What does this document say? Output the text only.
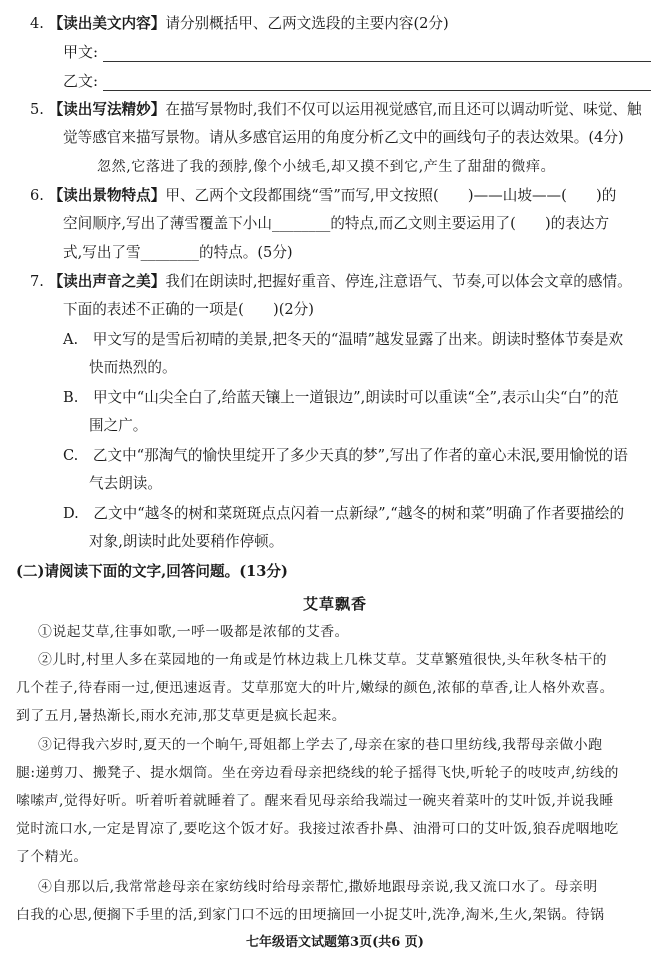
4. 【读出美文内容】请分别概括甲、乙两文选段的主要内容(2分)
甲文:
乙文:
5. 【读出写法精妙】在描写景物时,我们不仅可以运用视觉感官,而且还可以调动听觉、味觉、触
觉等感官来描写景物。请从多感官运用的角度分析乙文中的画线句子的表达效果。(4分)
忽然,它落进了我的颈脖,像个小绒毛,却又摸不到它,产生了甜甜的微痒。
6. 【读出景物特点】甲、乙两个文段都围绕“雪”而写,甲文按照(　　)——山坡——(　　)的
空间顺序,写出了薄雪覆盖下小山________的特点,而乙文则主要运用了(　　)的表达方
式,写出了雪________的特点。(5分)
7. 【读出声音之美】我们在朗读时,把握好重音、停连,注意语气、节奏,可以体会文章的感情。
下面的表述不正确的一项是(　　)(2分)
A.　甲文写的是雪后初晴的美景,把冬天的“温晴”越发显露了出来。朗读时整体节奏是欢
快而热烈的。
B.　甲文中“山尖全白了,给蓝天镶上一道银边”,朗读时可以重读“全”,表示山尖“白”的范
围之广。
C.　乙文中“那淘气的愉快里绽开了多少天真的梦”,写出了作者的童心未泯,要用愉悦的语
气去朗读。
D.　乙文中“越冬的树和菜斑斑点点闪着一点新绿”,“越冬的树和菜”明确了作者要描绘的
对象,朗读时此处要稍作停顿。
(二)请阅读下面的文字,回答问题。(13分)
艾草飘香
①说起艾草,往事如歌,一呼一吸都是浓郁的艾香。
②儿时,村里人多在菜园地的一角或是竹林边栽上几株艾草。艾草繁殖很快,头年秋冬枯干的
几个茬子,待春雨一过,便迅速返青。艾草那宽大的叶片,嫩绿的颜色,浓郁的草香,让人格外欢喜。
到了五月,暑热渐长,雨水充沛,那艾草更是疯长起来。
③记得我六岁时,夏天的一个晌午,哥姐都上学去了,母亲在家的巷口里纺线,我帮母亲做小跑
腿:递剪刀、搬凳子、提水烟筒。坐在旁边看母亲把绕线的轮子摇得飞快,听轮子的吱吱声,纺线的
嗦嗦声,觉得好听。听着听着就睡着了。醒来看见母亲给我端过一碗夹着菜叶的艾叶饭,并说我睡
觉时流口水,一定是胃凉了,要吃这个饭才好。我接过浓香扑鼻、油滑可口的艾叶饭,狼吞虎咽地吃
了个精光。
④自那以后,我常常趁母亲在家纺线时给母亲帮忙,撒娇地跟母亲说,我又流口水了。母亲明
白我的心思,便搁下手里的活,到家门口不远的田埂摘回一小捉艾叶,洗净,淘米,生火,架锅。待锅
七年级语文试题第3页(共6 页)
